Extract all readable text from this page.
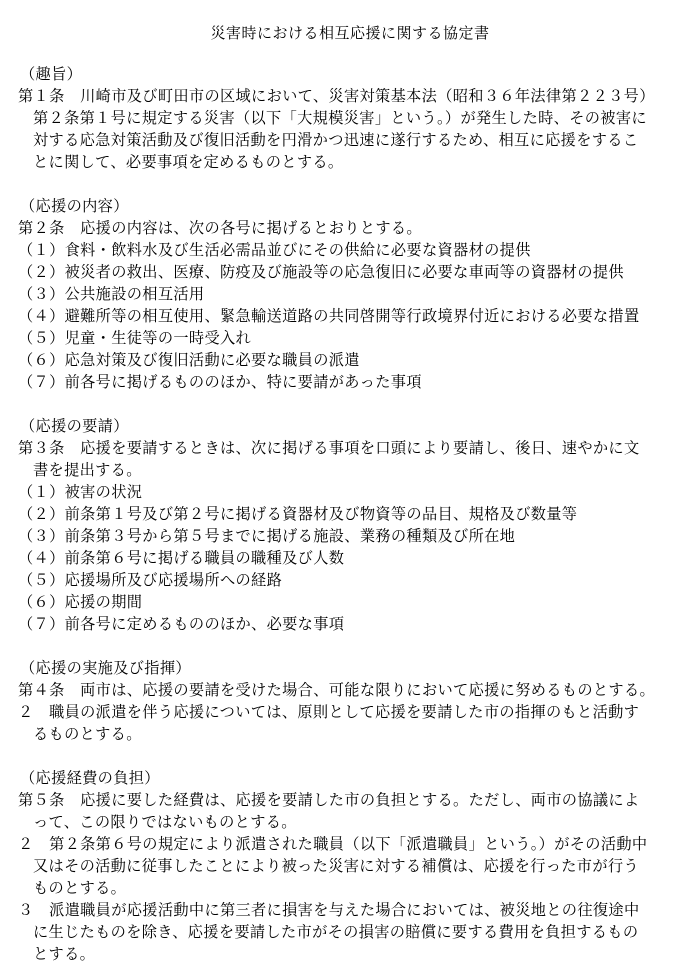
災害時における相互応援に関する協定書
（趣旨）
第１条　川崎市及び町田市の区域において、災害対策基本法（昭和３６年法律第２２３号）
第２条第１号に規定する災害（以下「大規模災害」という。）が発生した時、その被害に
対する応急対策活動及び復旧活動を円滑かつ迅速に遂行するため、相互に応援をするこ
とに関して、必要事項を定めるものとする。
（応援の内容）
第２条　応援の内容は、次の各号に掲げるとおりとする。
（１）食料・飲料水及び生活必需品並びにその供給に必要な資器材の提供
（２）被災者の救出、医療、防疫及び施設等の応急復旧に必要な車両等の資器材の提供
（３）公共施設の相互活用
（４）避難所等の相互使用、緊急輸送道路の共同啓開等行政境界付近における必要な措置
（５）児童・生徒等の一時受入れ
（６）応急対策及び復旧活動に必要な職員の派遣
（７）前各号に掲げるもののほか、特に要請があった事項
（応援の要請）
第３条　応援を要請するときは、次に掲げる事項を口頭により要請し、後日、速やかに文
書を提出する。
（１）被害の状況
（２）前条第１号及び第２号に掲げる資器材及び物資等の品目、規格及び数量等
（３）前条第３号から第５号までに掲げる施設、業務の種類及び所在地
（４）前条第６号に掲げる職員の職種及び人数
（５）応援場所及び応援場所への経路
（６）応援の期間
（７）前各号に定めるもののほか、必要な事項
（応援の実施及び指揮）
第４条　両市は、応援の要請を受けた場合、可能な限りにおいて応援に努めるものとする。
２　職員の派遣を伴う応援については、原則として応援を要請した市の指揮のもと活動す
るものとする。
（応援経費の負担）
第５条　応援に要した経費は、応援を要請した市の負担とする。ただし、両市の協議によ
って、この限りではないものとする。
２　第２条第６号の規定により派遣された職員（以下「派遣職員」という。）がその活動中
又はその活動に従事したことにより被った災害に対する補償は、応援を行った市が行う
ものとする。
３　派遣職員が応援活動中に第三者に損害を与えた場合においては、被災地との往復途中
に生じたものを除き、応援を要請した市がその損害の賠償に要する費用を負担するもの
とする。
